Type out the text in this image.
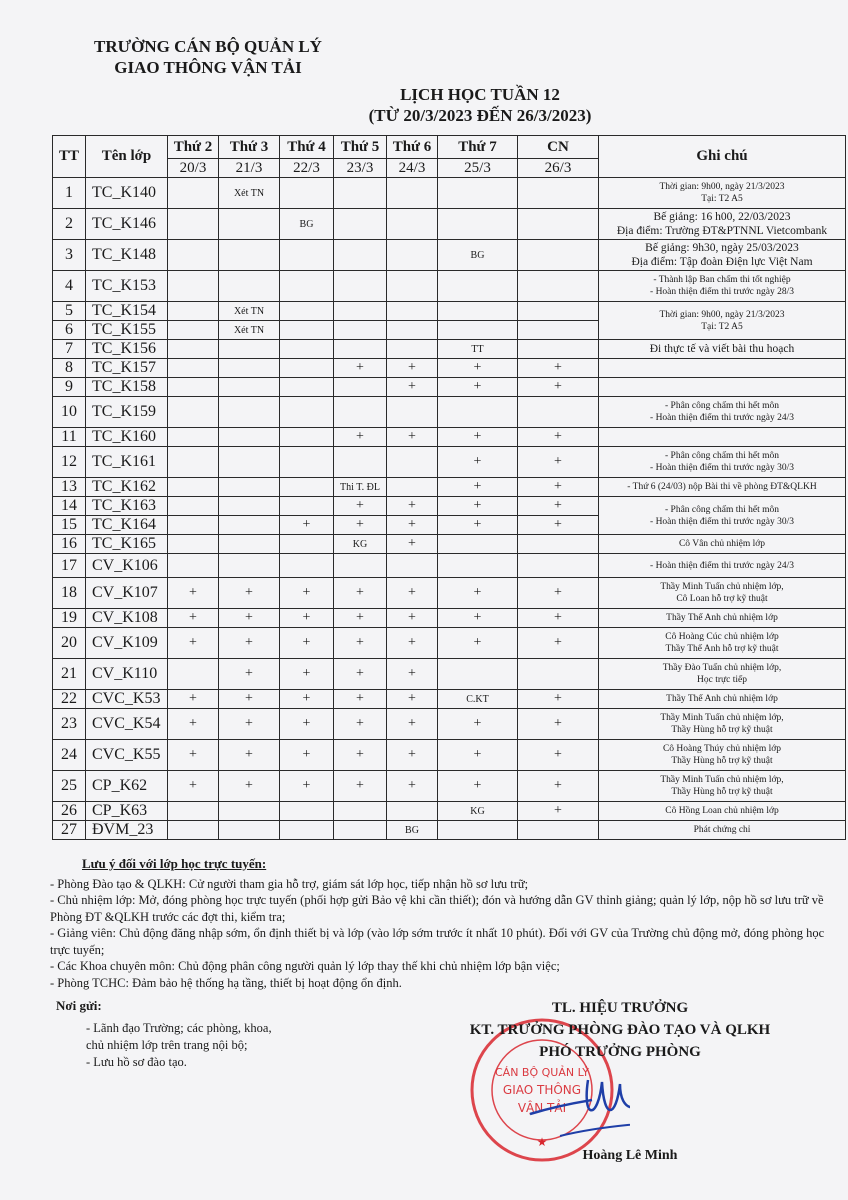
TRƯỜNG CÁN BỘ QUẢN LÝ
GIAO THÔNG VẬN TẢI
LỊCH HỌC TUẦN 12
(TỪ 20/3/2023 ĐẾN 26/3/2023)
TT	Tên lớp	Thứ 2	Thứ 3	Thứ 4	Thứ 5	Thứ 6	Thứ 7	CN	Ghi chú
		20/3	21/3	22/3	23/3	24/3	25/3	26/3	
1	TC_K140		Xét TN						Thời gian: 9h00, ngày 21/3/2023
Tại: T2 A5

2	TC_K146			BG					Bế giảng: 16 h00, 22/03/2023
Địa điểm: Trường ĐT&PTNNL Vietcombank

3	TC_K148						BG		Bế giảng: 9h30, ngày 25/03/2023
Địa điểm: Tập đoàn Điện lực Việt Nam

4	TC_K153								- Thành lập Ban chấm thi tốt nghiệp
- Hoàn thiện điểm thi trước ngày 28/3

5	TC_K154		Xét TN						Thời gian: 9h00, ngày 21/3/2023
Tại: T2 A5

6	TC_K155		Xét TN						
7	TC_K156						TT		Đi thực tế và viết bài thu hoạch

8	TC_K157				+	+	+	+	
9	TC_K158					+	+	+	
10	TC_K159								- Phân công chấm thi hết môn
- Hoàn thiện điểm thi trước ngày 24/3

11	TC_K160				+	+	+	+	
12	TC_K161						+	+	- Phân công chấm thi hết môn
- Hoàn thiện điểm thi trước ngày 30/3

13	TC_K162				Thi T. ĐL		+	+	- Thứ 6 (24/03) nộp Bài thi về phòng ĐT&QLKH

14	TC_K163				+	+	+	+	- Phân công chấm thi hết môn
- Hoàn thiện điểm thi trước ngày 30/3

15	TC_K164			+	+	+	+	+	
16	TC_K165				KG	+			Cô Vân chủ nhiệm lớp

17	CV_K106								- Hoàn thiện điểm thi trước ngày 24/3

18	CV_K107	+	+	+	+	+	+	+	Thầy Minh Tuấn chủ nhiệm lớp,
Cô Loan hỗ trợ kỹ thuật

19	CV_K108	+	+	+	+	+	+	+	Thầy Thế Anh chủ nhiệm lớp

20	CV_K109	+	+	+	+	+	+	+	Cô Hoàng Cúc chủ nhiệm lớp
Thầy Thế Anh hỗ trợ kỹ thuật

21	CV_K110		+	+	+	+			Thầy Đào Tuấn chủ nhiệm lớp,
Học trực tiếp

22	CVC_K53	+	+	+	+	+	C.KT	+	Thầy Thế Anh chủ nhiệm lớp

23	CVC_K54	+	+	+	+	+	+	+	Thầy Minh Tuấn chủ nhiệm lớp,
Thầy Hùng hỗ trợ kỹ thuật

24	CVC_K55	+	+	+	+	+	+	+	Cô Hoàng Thúy chủ nhiệm lớp
Thầy Hùng hỗ trợ kỹ thuật

25	CP_K62	+	+	+	+	+	+	+	Thầy Minh Tuấn chủ nhiệm lớp,
Thầy Hùng hỗ trợ kỹ thuật

26	CP_K63						KG	+	Cô Hồng Loan chủ nhiệm lớp

27	ĐVM_23					BG			Phát chứng chỉ
Lưu ý đối với lớp học trực tuyến:
- Phòng Đào tạo & QLKH: Cử người tham gia hỗ trợ, giám sát lớp học, tiếp nhận hồ sơ lưu trữ;
- Chủ nhiệm lớp: Mở, đóng phòng học trực tuyến (phối hợp gửi Bảo vệ khi cần thiết); đón và hướng dẫn GV thỉnh giảng; quản lý lớp, nộp hồ sơ lưu trữ về Phòng ĐT &QLKH trước các đợt thi, kiểm tra;
- Giảng viên: Chủ động đăng nhập sớm, ổn định thiết bị và lớp (vào lớp sớm trước ít nhất 10 phút). Đối với GV của Trường chủ động mở, đóng phòng học trực tuyến;
- Các Khoa chuyên môn: Chủ động phân công người quản lý lớp thay thế khi chủ nhiệm lớp bận việc;
- Phòng TCHC: Đảm bảo hệ thống hạ tầng, thiết bị hoạt động ổn định.
Nơi gửi:
- Lãnh đạo Trường; các phòng, khoa, chủ nhiệm lớp trên trang nội bộ;
- Lưu hồ sơ đào tạo.
CÁN BỘ QUẢN LÝ
GIAO THÔNG
VẬN TẢI
★
TL. HIỆU TRƯỞNG
KT. TRƯỞNG PHÒNG ĐÀO TẠO VÀ QLKH
PHÓ TRƯỞNG PHÒNG
Hoàng Lê Minh
